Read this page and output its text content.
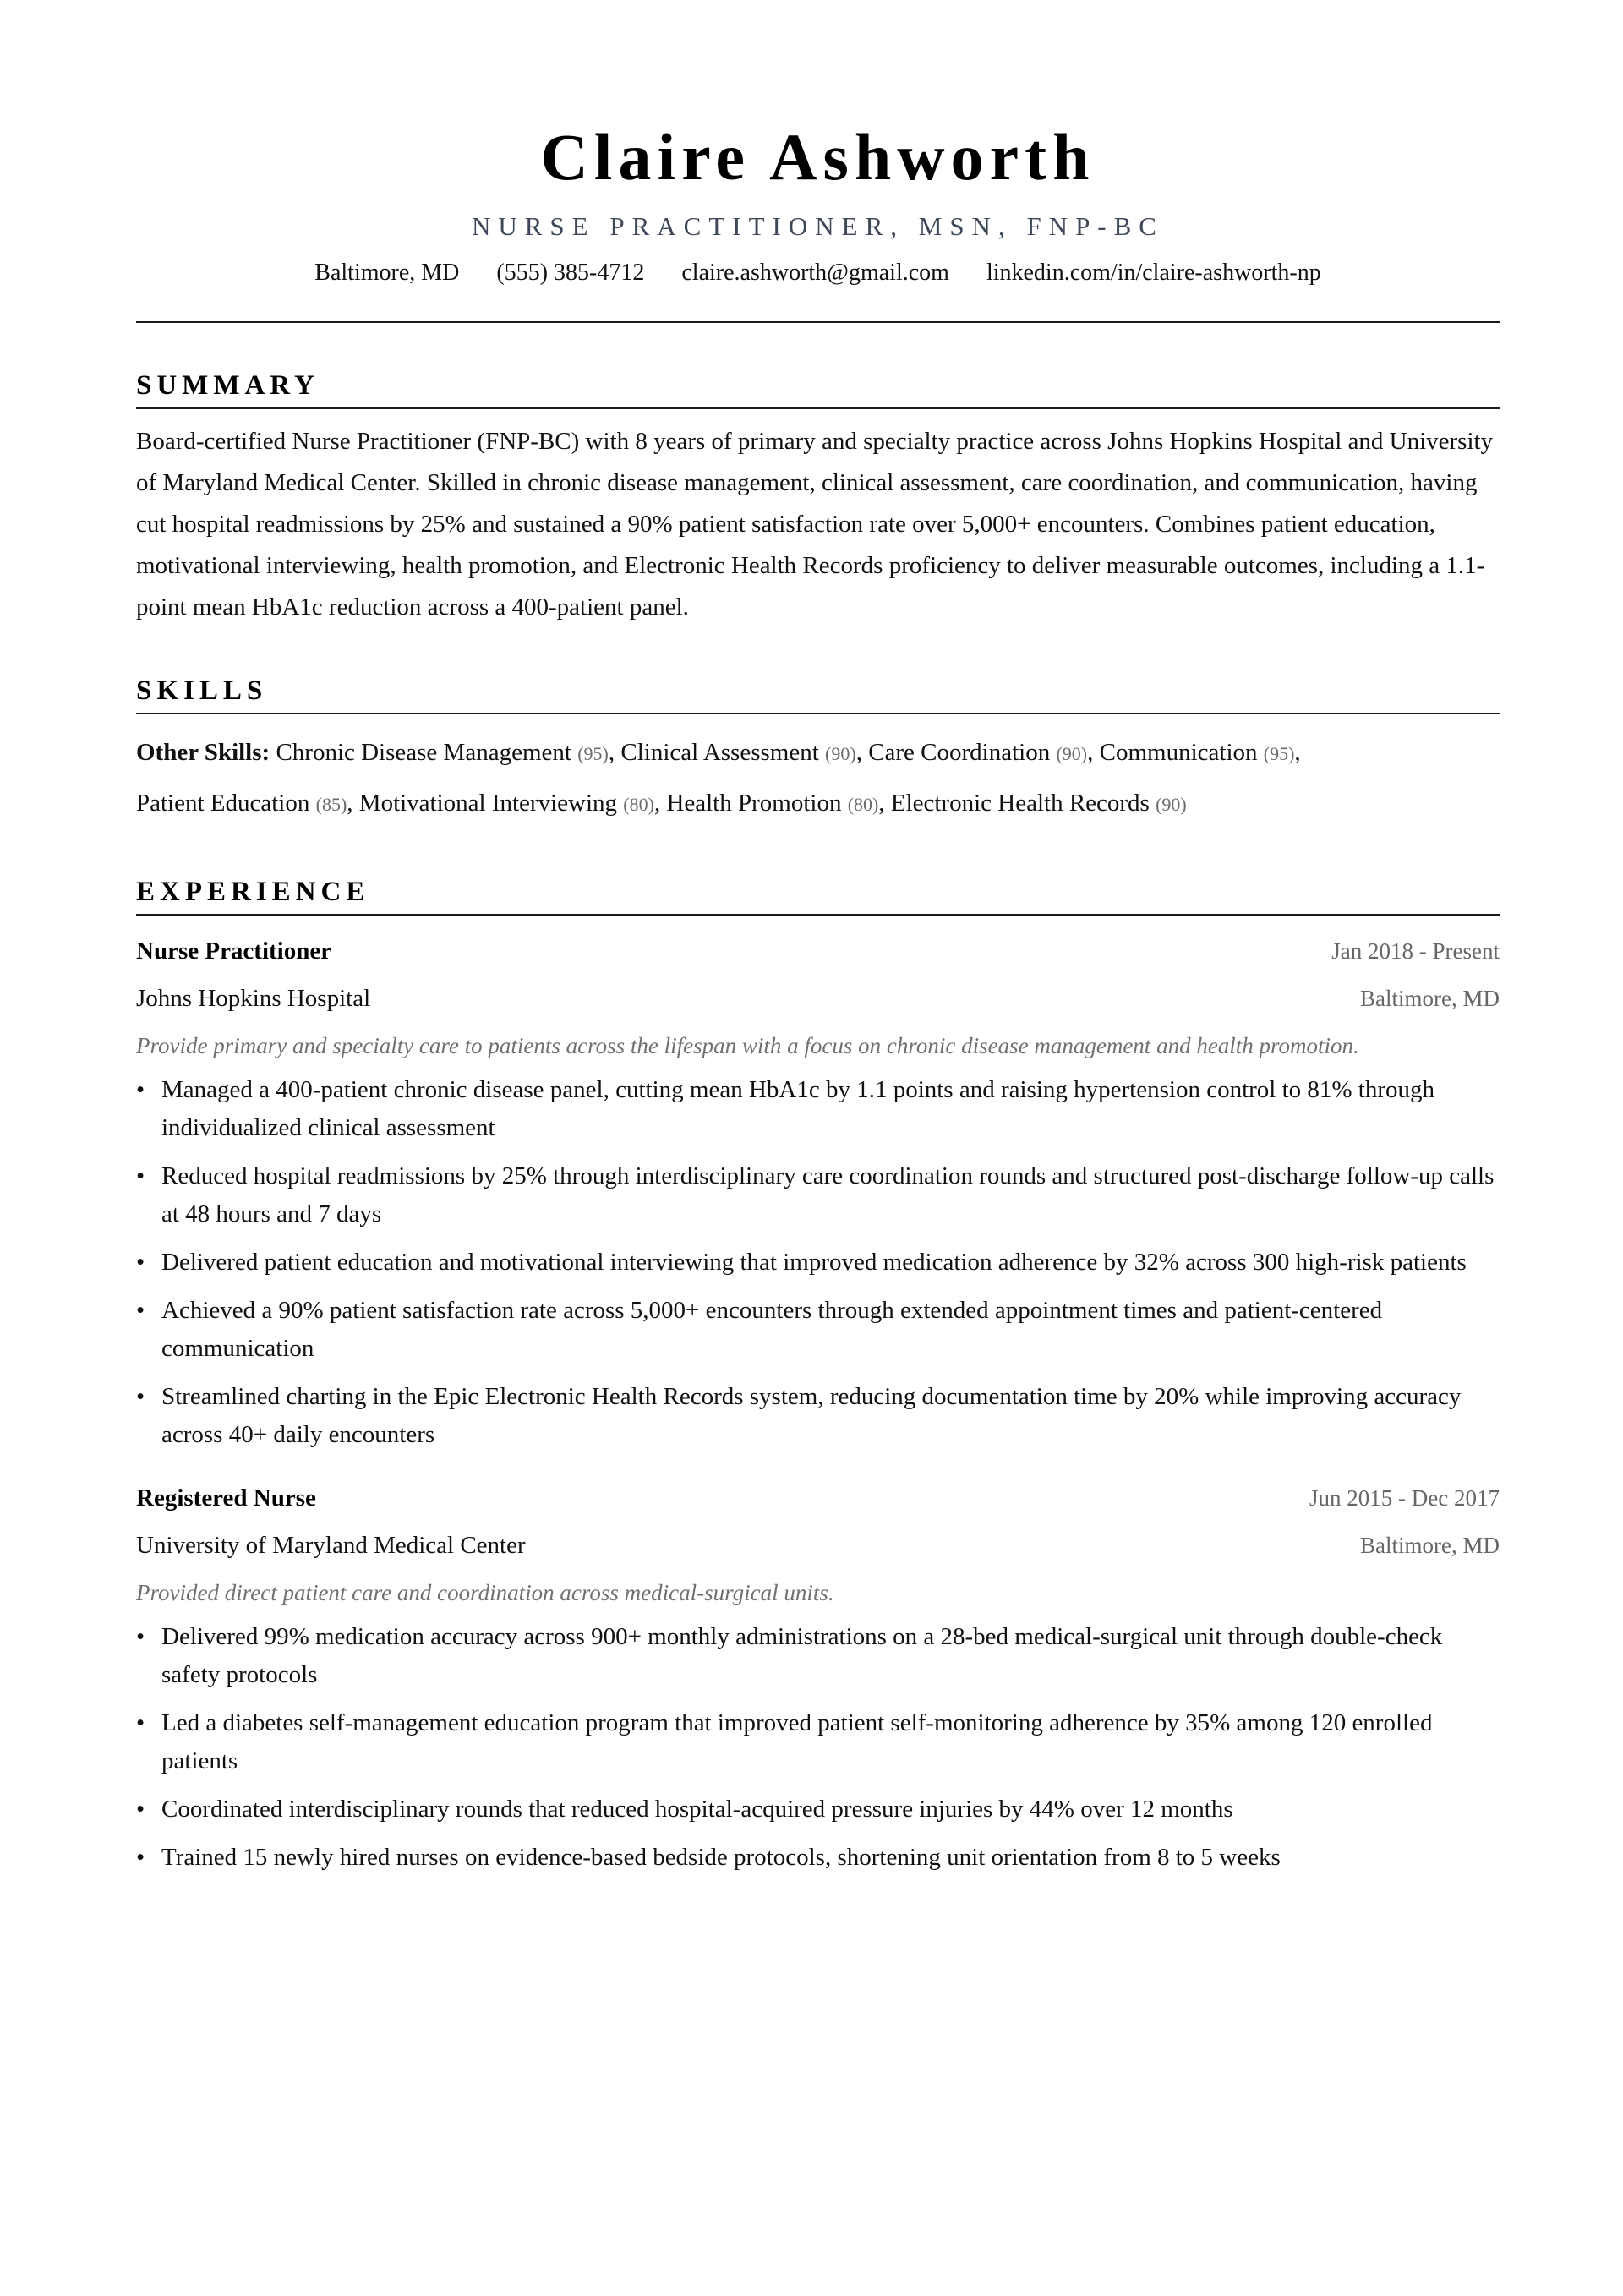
Claire Ashworth
NURSE PRACTITIONER, MSN, FNP-BC
Baltimore, MD (555) 385-4712 claire.ashworth@gmail.com linkedin.com/in/claire-ashworth-np
SUMMARY

Board-certified Nurse Practitioner (FNP-BC) with 8 years of primary and specialty practice across Johns Hopkins Hospital and University of Maryland Medical Center. Skilled in chronic disease management, clinical assessment, care coordination, and communication, having cut hospital readmissions by 25% and sustained a 90% patient satisfaction rate over 5,000+ encounters. Combines patient education, motivational interviewing, health promotion, and Electronic Health Records proficiency to deliver measurable outcomes, including a 1.1-point mean HbA1c reduction across a 400-patient panel.

SKILLS
Other Skills: Chronic Disease Management (95), Clinical Assessment (90), Care Coordination (90), Communication (95),
Patient Education (85), Motivational Interviewing (80), Health Promotion (80), Electronic Health Records (90)
EXPERIENCE
Nurse Practitioner	Jan 2018 - Present
Johns Hopkins Hospital	Baltimore, MD
Provide primary and specialty care to patients across the lifespan with a focus on chronic disease management and health promotion.
• Managed a 400-patient chronic disease panel, cutting mean HbA1c by 1.1 points and raising hypertension control to 81% through individualized clinical assessment
• Reduced hospital readmissions by 25% through interdisciplinary care coordination rounds and structured post-discharge follow-up calls at 48 hours and 7 days
• Delivered patient education and motivational interviewing that improved medication adherence by 32% across 300 high-risk patients
• Achieved a 90% patient satisfaction rate across 5,000+ encounters through extended appointment times and patient-centered communication
• Streamlined charting in the Epic Electronic Health Records system, reducing documentation time by 20% while improving accuracy across 40+ daily encounters
Registered Nurse	Jun 2015 - Dec 2017
University of Maryland Medical Center	Baltimore, MD
Provided direct patient care and coordination across medical-surgical units.
• Delivered 99% medication accuracy across 900+ monthly administrations on a 28-bed medical-surgical unit through double-check safety protocols
• Led a diabetes self-management education program that improved patient self-monitoring adherence by 35% among 120 enrolled patients
• Coordinated interdisciplinary rounds that reduced hospital-acquired pressure injuries by 44% over 12 months
• Trained 15 newly hired nurses on evidence-based bedside protocols, shortening unit orientation from 8 to 5 weeks
